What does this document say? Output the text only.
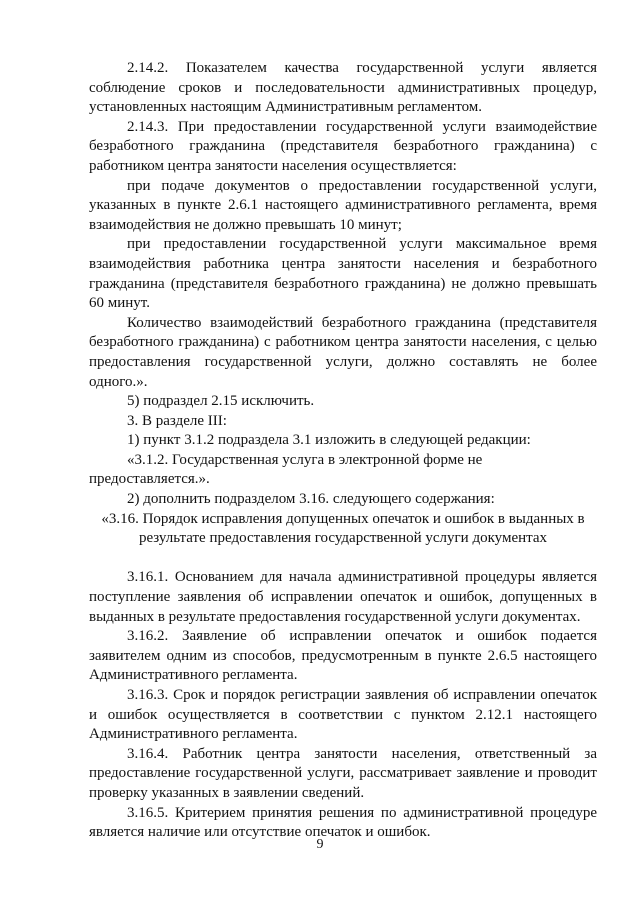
2.14.2. Показателем качества государственной услуги является соблюдение сроков и последовательности административных процедур, установленных настоящим Административным регламентом.

2.14.3. При предоставлении государственной услуги взаимодействие безработного гражданина (представителя безработного гражданина) с работником центра занятости населения осуществляется:

при подаче документов о предоставлении государственной услуги, указанных в пункте 2.6.1 настоящего административного регламента, время взаимодействия не должно превышать 10 минут;

при предоставлении государственной услуги максимальное время взаимодействия работника центра занятости населения и безработного гражданина (представителя безработного гражданина) не должно превышать 60 минут.

Количество взаимодействий безработного гражданина (представителя безработного гражданина) с работником центра занятости населения, с целью предоставления государственной услуги, должно составлять не более одного.».

5) подраздел 2.15 исключить.

3. В разделе III:

1) пункт 3.1.2 подраздела 3.1 изложить в следующей редакции:

«3.1.2. Государственная услуга в электронной форме не предоставляется.».

2) дополнить подразделом 3.16. следующего содержания:

«3.16. Порядок исправления допущенных опечаток и ошибок в выданных в результате предоставления государственной услуги документах

3.16.1. Основанием для начала административной процедуры является поступление заявления об исправлении опечаток и ошибок, допущенных в выданных в результате предоставления государственной услуги документах.

3.16.2. Заявление об исправлении опечаток и ошибок подается заявителем одним из способов, предусмотренным в пункте 2.6.5 настоящего Административного регламента.

3.16.3. Срок и порядок регистрации заявления об исправлении опечаток и ошибок осуществляется в соответствии с пунктом 2.12.1 настоящего Административного регламента.

3.16.4. Работник центра занятости населения, ответственный за предоставление государственной услуги, рассматривает заявление и проводит проверку указанных в заявлении сведений.

3.16.5. Критерием принятия решения по административной процедуре является наличие или отсутствие опечаток и ошибок.

9
